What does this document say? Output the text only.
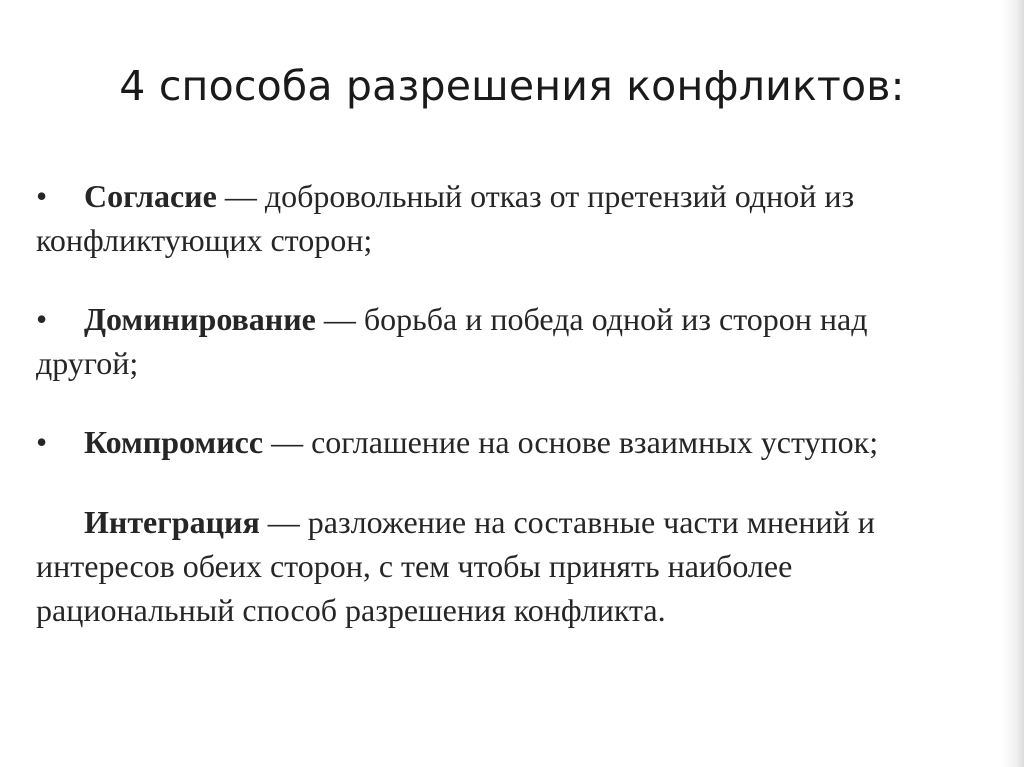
4 способа разрешения конфликтов:
• Согласие — добровольный отказ от претензий одной из
конфликтующих сторон;
• Доминирование — борьба и победа одной из сторон над
другой;
• Компромисс — соглашение на основе взаимных уступок;
Интеграция — разложение на составные части мнений и
интересов обеих сторон, с тем чтобы принять наиболее
рациональный способ разрешения конфликта.
